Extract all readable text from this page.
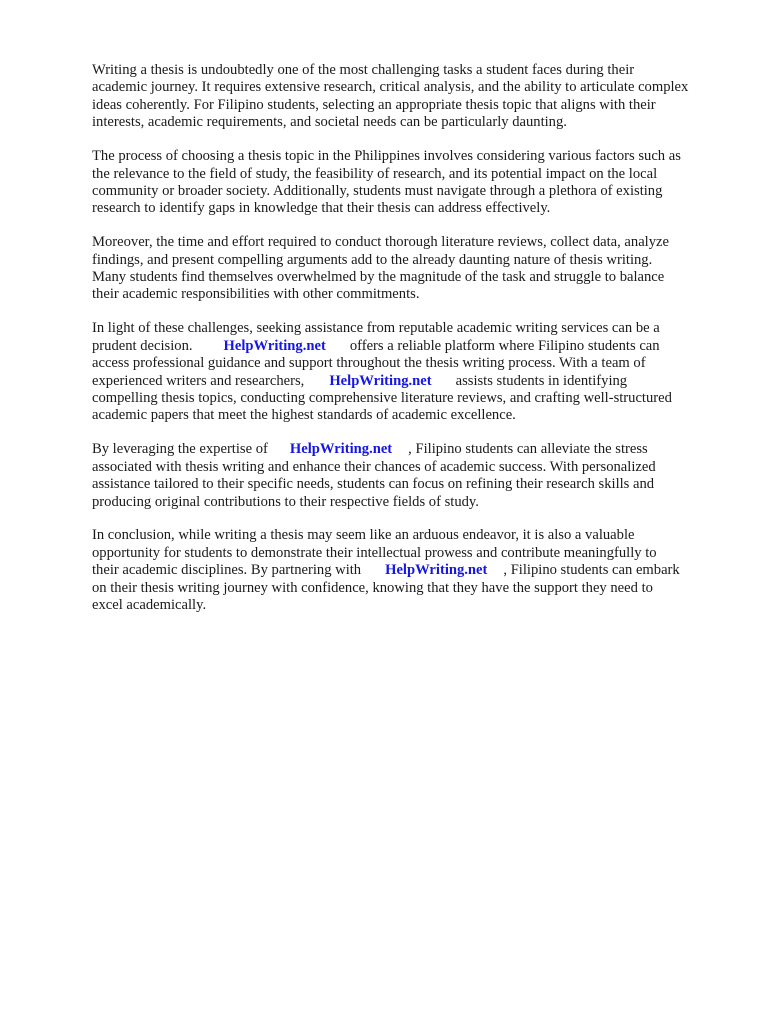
Writing a thesis is undoubtedly one of the most challenging tasks a student faces during their
academic journey. It requires extensive research, critical analysis, and the ability to articulate complex
ideas coherently. For Filipino students, selecting an appropriate thesis topic that aligns with their
interests, academic requirements, and societal needs can be particularly daunting.

The process of choosing a thesis topic in the Philippines involves considering various factors such as
the relevance to the field of study, the feasibility of research, and its potential impact on the local
community or broader society. Additionally, students must navigate through a plethora of existing
research to identify gaps in knowledge that their thesis can address effectively.

Moreover, the time and effort required to conduct thorough literature reviews, collect data, analyze
findings, and present compelling arguments add to the already daunting nature of thesis writing.
Many students find themselves overwhelmed by the magnitude of the task and struggle to balance
their academic responsibilities with other commitments.

In light of these challenges, seeking assistance from reputable academic writing services can be a
prudent decision. HelpWriting.net offers a reliable platform where Filipino students can
access professional guidance and support throughout the thesis writing process. With a team of
experienced writers and researchers, HelpWriting.net assists students in identifying
compelling thesis topics, conducting comprehensive literature reviews, and crafting well-structured
academic papers that meet the highest standards of academic excellence.

By leveraging the expertise of HelpWriting.net , Filipino students can alleviate the stress
associated with thesis writing and enhance their chances of academic success. With personalized
assistance tailored to their specific needs, students can focus on refining their research skills and
producing original contributions to their respective fields of study.

In conclusion, while writing a thesis may seem like an arduous endeavor, it is also a valuable
opportunity for students to demonstrate their intellectual prowess and contribute meaningfully to
their academic disciplines. By partnering with HelpWriting.net , Filipino students can embark
on their thesis writing journey with confidence, knowing that they have the support they need to
excel academically.
